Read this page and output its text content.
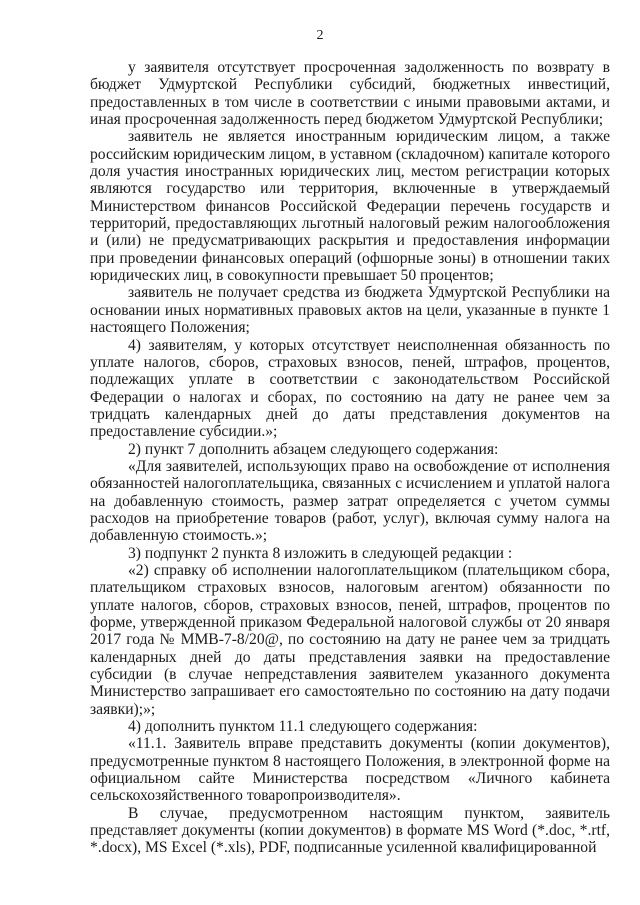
2

у заявителя отсутствует просроченная задолженность по возврату в бюджет Удмуртской Республики субсидий, бюджетных инвестиций, предоставленных в том числе в соответствии с иными правовыми актами, и иная просроченная задолженность перед бюджетом Удмуртской Республики;

заявитель не является иностранным юридическим лицом, а также российским юридическим лицом, в уставном (складочном) капитале которого доля участия иностранных юридических лиц, местом регистрации которых являются государство или территория, включенные в утверждаемый Министерством финансов Российской Федерации перечень государств и территорий, предоставляющих льготный налоговый режим налогообложения и (или) не предусматривающих раскрытия и предоставления информации при проведении финансовых операций (офшорные зоны) в отношении таких юридических лиц, в совокупности превышает 50 процентов;

заявитель не получает средства из бюджета Удмуртской Республики на основании иных нормативных правовых актов на цели, указанные в пункте 1 настоящего Положения;

4) заявителям, у которых отсутствует неисполненная обязанность по уплате налогов, сборов, страховых взносов, пеней, штрафов, процентов, подлежащих уплате в соответствии с законодательством Российской Федерации о налогах и сборах, по состоянию на дату не ранее чем за тридцать календарных дней до даты представления документов на предоставление субсидии.»;

2) пункт 7 дополнить абзацем следующего содержания:

«Для заявителей, использующих право на освобождение от исполнения обязанностей налогоплательщика, связанных с исчислением и уплатой налога на добавленную стоимость, размер затрат определяется с учетом суммы расходов на приобретение товаров (работ, услуг), включая сумму налога на добавленную стоимость.»;

3) подпункт 2 пункта 8 изложить в следующей редакции :

«2) справку об исполнении налогоплательщиком (плательщиком сбора, плательщиком страховых взносов, налоговым агентом) обязанности по уплате налогов, сборов, страховых взносов, пеней, штрафов, процентов по форме, утвержденной приказом Федеральной налоговой службы от 20 января 2017 года № ММВ-7-8/20@, по состоянию на дату не ранее чем за тридцать календарных дней до даты представления заявки на предоставление субсидии (в случае непредставления заявителем указанного документа Министерство запрашивает его самостоятельно по состоянию на дату подачи заявки);»;

4) дополнить пунктом 11.1 следующего содержания:

«11.1. Заявитель вправе представить документы (копии документов), предусмотренные пунктом 8 настоящего Положения, в электронной форме на официальном сайте Министерства посредством «Личного кабинета сельскохозяйственного товаропроизводителя».

В случае, предусмотренном настоящим пунктом, заявитель представляет документы (копии документов) в формате MS Word (*.doc, *.rtf, *.docx), MS Excel (*.xls), PDF, подписанные усиленной квалифицированной
